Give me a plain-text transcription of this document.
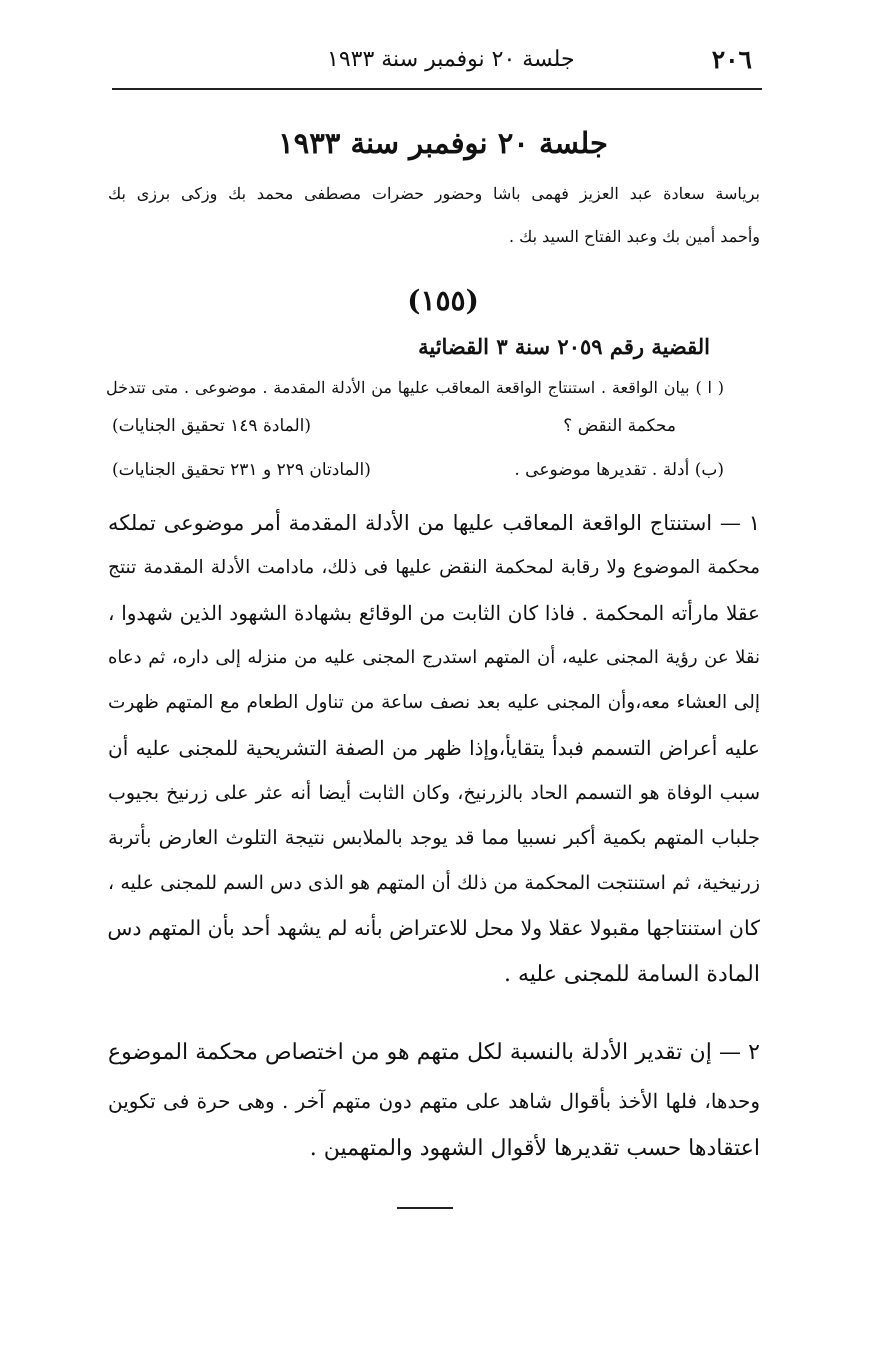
٢٠٦
جلسة ٢٠ نوفمبر سنة ١٩٣٣
جلسة ٢٠ نوفمبر سنة ١٩٣٣
برياسة سعادة عبد العزيز فهمى باشا وحضور حضرات مصطفى محمد بك وزكى برزى بك
وأحمد أمين بك وعبد الفتاح السيد بك .
(١٥٥)
القضية رقم ٢٠٥٩ سنة ٣ القضائية
( ا ) بيان الواقعة . استنتاج الواقعة المعاقب عليها من الأدلة المقدمة . موضوعى . متى تتدخل
محكمة النقض ؟
(المادة ١٤٩ تحقيق الجنايات)
(ب) أدلة . تقديرها موضوعى .
(المادتان ٢٢٩ و ٢٣١ تحقيق الجنايات)
١ — استنتاج الواقعة المعاقب عليها من الأدلة المقدمة أمر موضوعى تملكه
محكمة الموضوع ولا رقابة لمحكمة النقض عليها فى ذلك، مادامت الأدلة المقدمة تنتج
عقلا مارأته المحكمة . فاذا كان الثابت من الوقائع بشهادة الشهود الذين شهدوا ،
نقلا عن رؤية المجنى عليه، أن المتهم استدرج المجنى عليه من منزله إلى داره، ثم دعاه
إلى العشاء معه،وأن المجنى عليه بعد نصف ساعة من تناول الطعام مع المتهم ظهرت
عليه أعراض التسمم فبدأ يتقايأ،وإذا ظهر من الصفة التشريحية للمجنى عليه أن
سبب الوفاة هو التسمم الحاد بالزرنيخ، وكان الثابت أيضا أنه عثر على زرنيخ بجيوب
جلباب المتهم بكمية أكبر نسبيا مما قد يوجد بالملابس نتيجة التلوث العارض بأتربة
زرنيخية، ثم استنتجت المحكمة من ذلك أن المتهم هو الذى دس السم للمجنى عليه ،
كان استنتاجها مقبولا عقلا ولا محل للاعتراض بأنه لم يشهد أحد بأن المتهم دس
المادة السامة للمجنى عليه .
٢ — إن تقدير الأدلة بالنسبة لكل متهم هو من اختصاص محكمة الموضوع
وحدها، فلها الأخذ بأقوال شاهد على متهم دون متهم آخر . وهى حرة فى تكوين
اعتقادها حسب تقديرها لأقوال الشهود والمتهمين .
